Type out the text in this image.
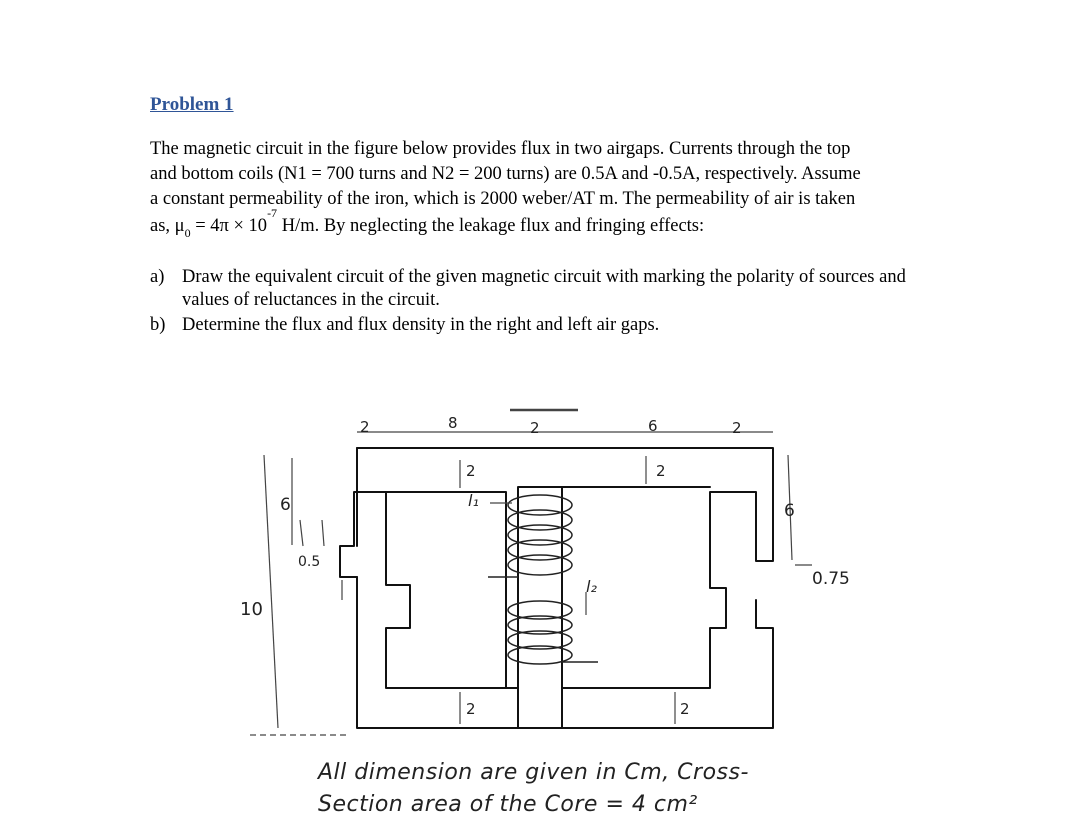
Problem 1
The magnetic circuit in the figure below provides flux in two airgaps. Currents through the top
and bottom coils (N1 = 700 turns and N2 = 200 turns) are 0.5A and -0.5A, respectively. Assume
a constant permeability of the iron, which is 2000 weber/AT m. The permeability of air is taken
as, $\mu_0 = 4\pi \times 10^{-7}$ H/m. By neglecting the leakage flux and fringing effects:
a) Draw the equivalent circuit of the given magnetic circuit with marking the polarity of sources and values of reluctances in the circuit.
b) Determine the flux and flux density in the right and left air gaps.
2	8	2	6	2
2	2
2	2
6	6
0.5
0.75
10
l₁
l₂
All dimension are given in Cm, Cross-
Section area of the Core = 4 cm²
